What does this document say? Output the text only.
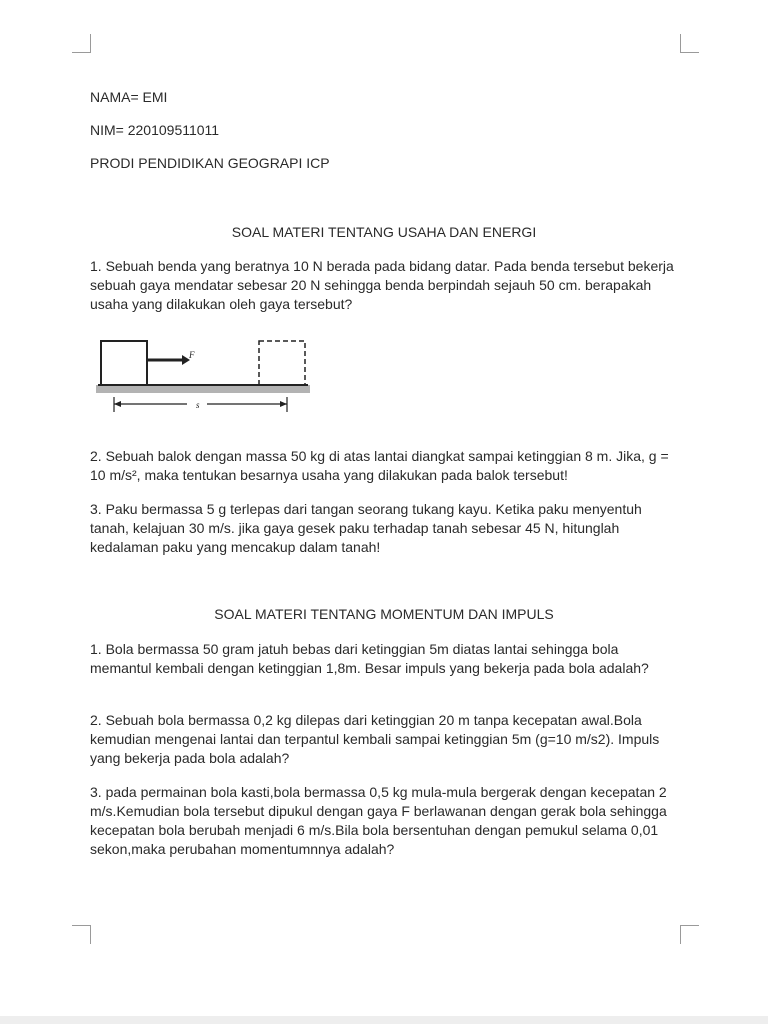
NAMA= EMI
NIM= 220109511011
PRODI PENDIDIKAN GEOGRAPI ICP
SOAL MATERI TENTANG USAHA DAN ENERGI
1. Sebuah benda yang beratnya 10 N berada pada bidang datar. Pada benda tersebut bekerja sebuah gaya mendatar sebesar 20 N sehingga benda berpindah sejauh 50 cm. berapakah usaha yang dilakukan oleh gaya tersebut?
F
s
2. Sebuah balok dengan massa 50 kg di atas lantai diangkat sampai ketinggian 8 m. Jika, g = 10 m/s², maka tentukan besarnya usaha yang dilakukan pada balok tersebut!
3. Paku bermassa 5 g terlepas dari tangan seorang tukang kayu. Ketika paku menyentuh tanah, kelajuan 30 m/s. jika gaya gesek paku terhadap tanah sebesar 45 N, hitunglah kedalaman paku yang mencakup dalam tanah!
SOAL MATERI TENTANG MOMENTUM DAN IMPULS
1. Bola bermassa 50 gram jatuh bebas dari ketinggian 5m diatas lantai sehingga bola memantul kembali dengan ketinggian 1,8m. Besar impuls yang bekerja pada bola adalah?
2. Sebuah bola bermassa 0,2 kg dilepas dari ketinggian 20 m tanpa kecepatan awal.Bola kemudian mengenai lantai dan terpantul kembali sampai ketinggian 5m (g=10 m/s2). Impuls yang bekerja pada bola adalah?
3. pada permainan bola kasti,bola bermassa 0,5 kg mula-mula bergerak dengan kecepatan 2 m/s.Kemudian bola tersebut dipukul dengan gaya F berlawanan dengan gerak bola sehingga kecepatan bola berubah menjadi 6 m/s.Bila bola bersentuhan dengan pemukul selama 0,01 sekon,maka perubahan momentumnnya adalah?
